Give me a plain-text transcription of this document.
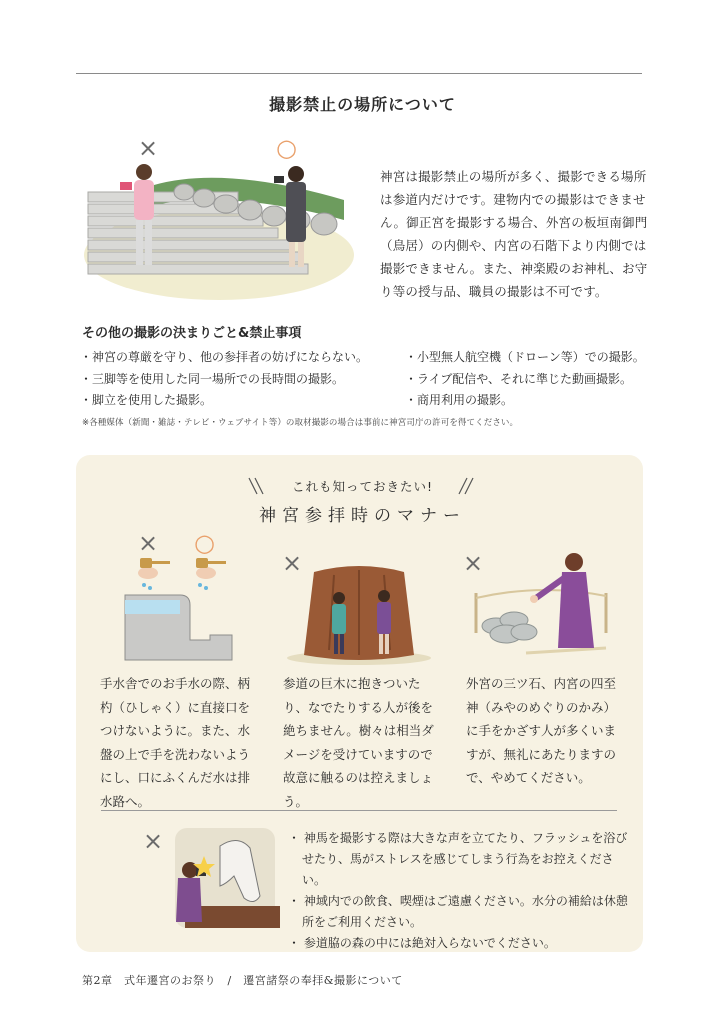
撮影禁止の場所について
×	○
神宮は撮影禁止の場所が多く、撮影できる場所は参道内だけです。建物内での撮影はできません。御正宮を撮影する場合、外宮の板垣南御門（鳥居）の内側や、内宮の石階下より内側では撮影できません。また、神楽殿のお神札、お守り等の授与品、職員の撮影は不可です。
その他の撮影の決まりごと&禁止事項
・ 神宮の尊厳を守り、他の参拝者の妨げにならない。
・ 三脚等を使用した同一場所での長時間の撮影。
・ 脚立を使用した撮影。
・ 小型無人航空機（ドローン等）での撮影。
・ ライブ配信や、それに準じた動画撮影。
・ 商用利用の撮影。
※各種媒体（新聞・雑誌・テレビ・ウェブサイト等）の取材撮影の場合は事前に神宮司庁の許可を得てください。
これも知っておきたい!
神宮参拝時のマナー
× ○
手水舎でのお手水の際、柄杓（ひしゃく）に直接口をつけないように。また、水盤の上で手を洗わないようにし、口にふくんだ水は排水路へ。
×
参道の巨木に抱きついたり、なでたりする人が後を絶ちません。樹々は相当ダメージを受けていますので故意に触るのは控えましょう。
×
外宮の三ツ石、内宮の四至神（みやのめぐりのかみ）に手をかざす人が多くいますが、無礼にあたりますので、やめてください。
×
・	神馬を撮影する際は大きな声を立てたり、フラッシュを浴びせたり、馬がストレスを感じてしまう行為をお控えください。
・ 神域内での飲食、喫煙はご遠慮ください。水分の補給は休憩所をご利用ください。
・ 参道脇の森の中には絶対入らないでください。
第2章　式年遷宮のお祭り　/　遷宮諸祭の奉拝&撮影について
